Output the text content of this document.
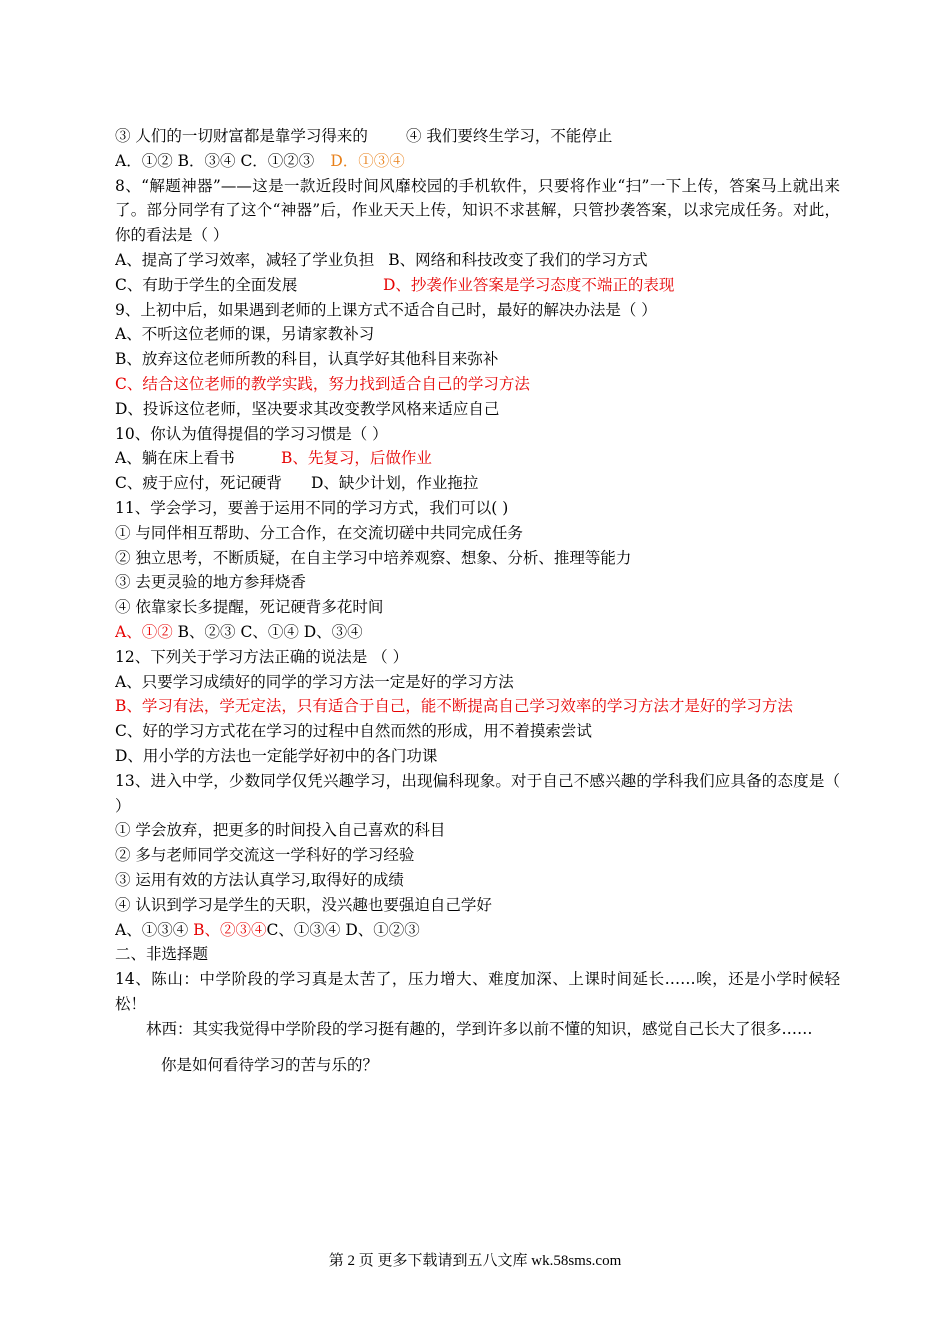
③ 人们的一切财富都是靠学习得来的 ④ 我们要终生学习，不能停止
A．①② B．③④ C．①②③ D．①③④
8、“解题神器”——这是一款近段时间风靡校园的手机软件，只要将作业“扫”一下上传，答案马上就出来了。部分同学有了这个“神器”后，作业天天上传，知识不求甚解，只管抄袭答案，以求完成任务。对此，你的看法是（ ）
A、提高了学习效率，减轻了学业负担 B、网络和科技改变了我们的学习方式
C、有助于学生的全面发展	D、抄袭作业答案是学习态度不端正的表现
9、上初中后，如果遇到老师的上课方式不适合自己时，最好的解决办法是（ ）
A、不听这位老师的课，另请家教补习
B、放弃这位老师所教的科目，认真学好其他科目来弥补
C、结合这位老师的教学实践，努力找到适合自己的学习方法
D、投诉这位老师，坚决要求其改变教学风格来适应自己
10、你认为值得提倡的学习习惯是（ ）
A、躺在床上看书	B、先复习，后做作业
C、疲于应付，死记硬背 D、缺少计划，作业拖拉
11、学会学习，要善于运用不同的学习方式，我们可以( )
① 与同伴相互帮助、分工合作，在交流切磋中共同完成任务
② 独立思考，不断质疑，在自主学习中培养观察、想象、分析、推理等能力
③ 去更灵验的地方参拜烧香
④ 依靠家长多提醒，死记硬背多花时间
A、①② B、②③ C、①④ D、③④
12、下列关于学习方法正确的说法是 （ ）
A、只要学习成绩好的同学的学习方法一定是好的学习方法
B、学习有法，学无定法，只有适合于自己，能不断提高自己学习效率的学习方法才是好的学习方法
C、好的学习方式花在学习的过程中自然而然的形成，用不着摸索尝试
D、用小学的方法也一定能学好初中的各门功课
13、进入中学，少数同学仅凭兴趣学习，出现偏科现象。对于自己不感兴趣的学科我们应具备的态度是（ ）
① 学会放弃，把更多的时间投入自己喜欢的科目
② 多与老师同学交流这一学科好的学习经验
③ 运用有效的方法认真学习,取得好的成绩
④ 认识到学习是学生的天职，没兴趣也要强迫自己学好
A、①③④ B、②③④C、①③④ D、①②③
二、非选择题
14、陈山：中学阶段的学习真是太苦了，压力增大、难度加深、上课时间延长……唉，还是小学时候轻松！
林西：其实我觉得中学阶段的学习挺有趣的，学到许多以前不懂的知识，感觉自己长大了很多……
你是如何看待学习的苦与乐的？
第 2 页 更多下载请到五八文库 wk.58sms.com
